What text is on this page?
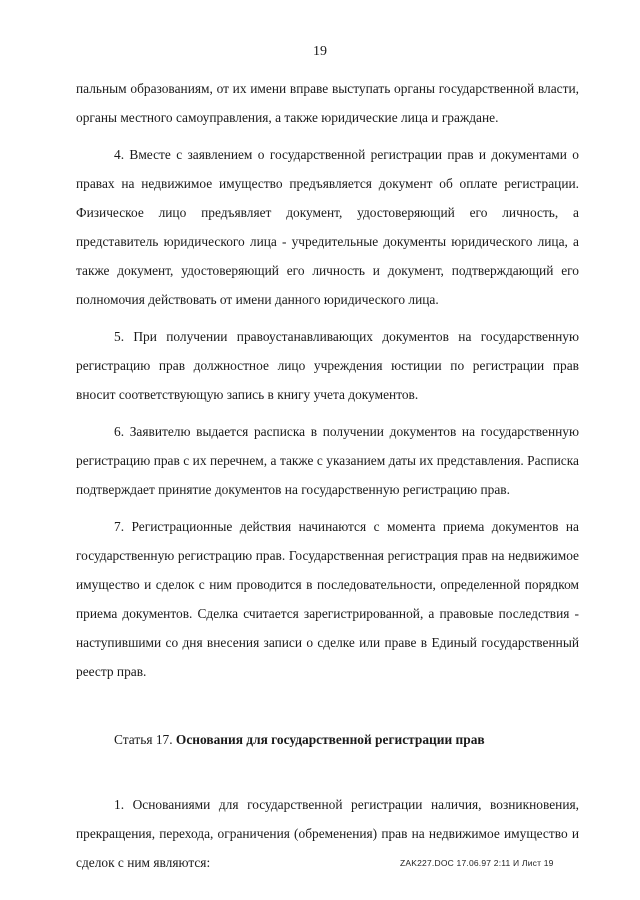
19

пальным образованиям, от их имени вправе выступать органы государственной власти, органы местного самоуправления, а также юридические лица и граждане.

4. Вместе с заявлением о государственной регистрации прав и документами о правах на недвижимое имущество предъявляется документ об оплате регистрации. Физическое лицо предъявляет документ, удостоверяющий его личность, а представитель юридического лица - учредительные документы юридического лица, а также документ, удостоверяющий его личность и документ, подтверждающий его полномочия действовать от имени данного юридического лица.

5. При получении правоустанавливающих документов на государственную регистрацию прав должностное лицо учреждения юстиции по регистрации прав вносит соответствующую запись в книгу учета документов.

6. Заявителю выдается расписка в получении документов на государственную регистрацию прав с их перечнем, а также с указанием даты их представления. Расписка подтверждает принятие документов на государственную регистрацию прав.

7. Регистрационные действия начинаются с момента приема документов на государственную регистрацию прав. Государственная регистрация прав на недвижимое имущество и сделок с ним проводится в последовательности, определенной порядком приема документов. Сделка считается зарегистрированной, а правовые последствия - наступившими со дня внесения записи о сделке или праве в Единый государственный реестр прав.

Статья 17. Основания для государственной регистрации прав

1. Основаниями для государственной регистрации наличия, возникновения, прекращения, перехода, ограничения (обременения) прав на недвижимое имущество и сделок с ним являются:	ZAK227.DOC 17.06.97 2:11 И Лист 19
